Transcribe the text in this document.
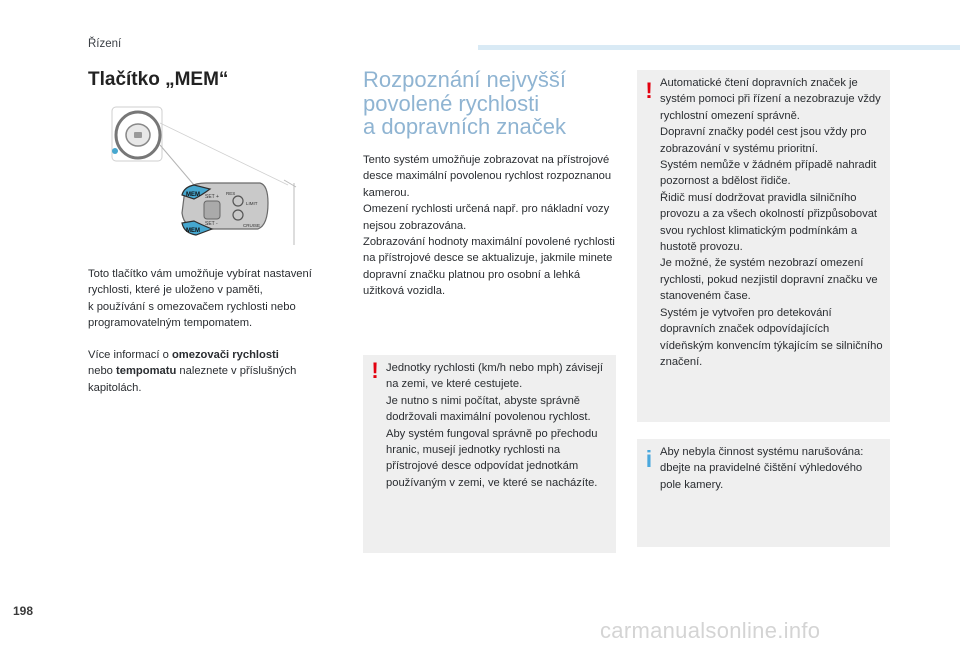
Řízení
Tlačítko „MEM“
MEM
MEM
SET +
SET -
RES
LIMIT
CRUISE

Toto tlačítko vám umožňuje vybírat nastavení rychlosti, které je uloženo v paměti,
k používání s omezovačem rychlosti nebo programovatelným tempomatem.

Více informací o omezovači rychlosti
nebo tempomatu naleznete v příslušných kapitolách.

Rozpoznání nejvyšší
povolené rychlosti
a dopravních značek

Tento systém umožňuje zobrazovat na přístrojové desce maximální povolenou rychlost rozpoznanou kamerou.
Omezení rychlosti určená např. pro nákladní vozy nejsou zobrazována.
Zobrazování hodnoty maximální povolené rychlosti na přístrojové desce se aktualizuje, jakmile minete dopravní značku platnou pro osobní a lehká užitková vozidla.

! Jednotky rychlosti (km/h nebo mph) závisejí na zemi, ve které cestujete.
Je nutno s nimi počítat, abyste správně dodržovali maximální povolenou rychlost.
Aby systém fungoval správně po přechodu hranic, musejí jednotky rychlosti na přístrojové desce odpovídat jednotkám používaným v zemi, ve které se nacházíte.

! Automatické čtení dopravních značek je systém pomoci při řízení a nezobrazuje vždy rychlostní omezení správně.
Dopravní značky podél cest jsou vždy pro zobrazování v systému prioritní.
Systém nemůže v žádném případě nahradit pozornost a bdělost řidiče.
Řidič musí dodržovat pravidla silničního provozu a za všech okolností přizpůsobovat svou rychlost klimatickým podmínkám a hustotě provozu.
Je možné, že systém nezobrazí omezení rychlosti, pokud nezjistil dopravní značku ve stanoveném čase.
Systém je vytvořen pro detekování dopravních značek odpovídajících vídeňským konvencím týkajícím se silničního značení.

i Aby nebyla činnost systému narušována: dbejte na pravidelné čištění výhledového pole kamery.

198
carmanualsonline.info
